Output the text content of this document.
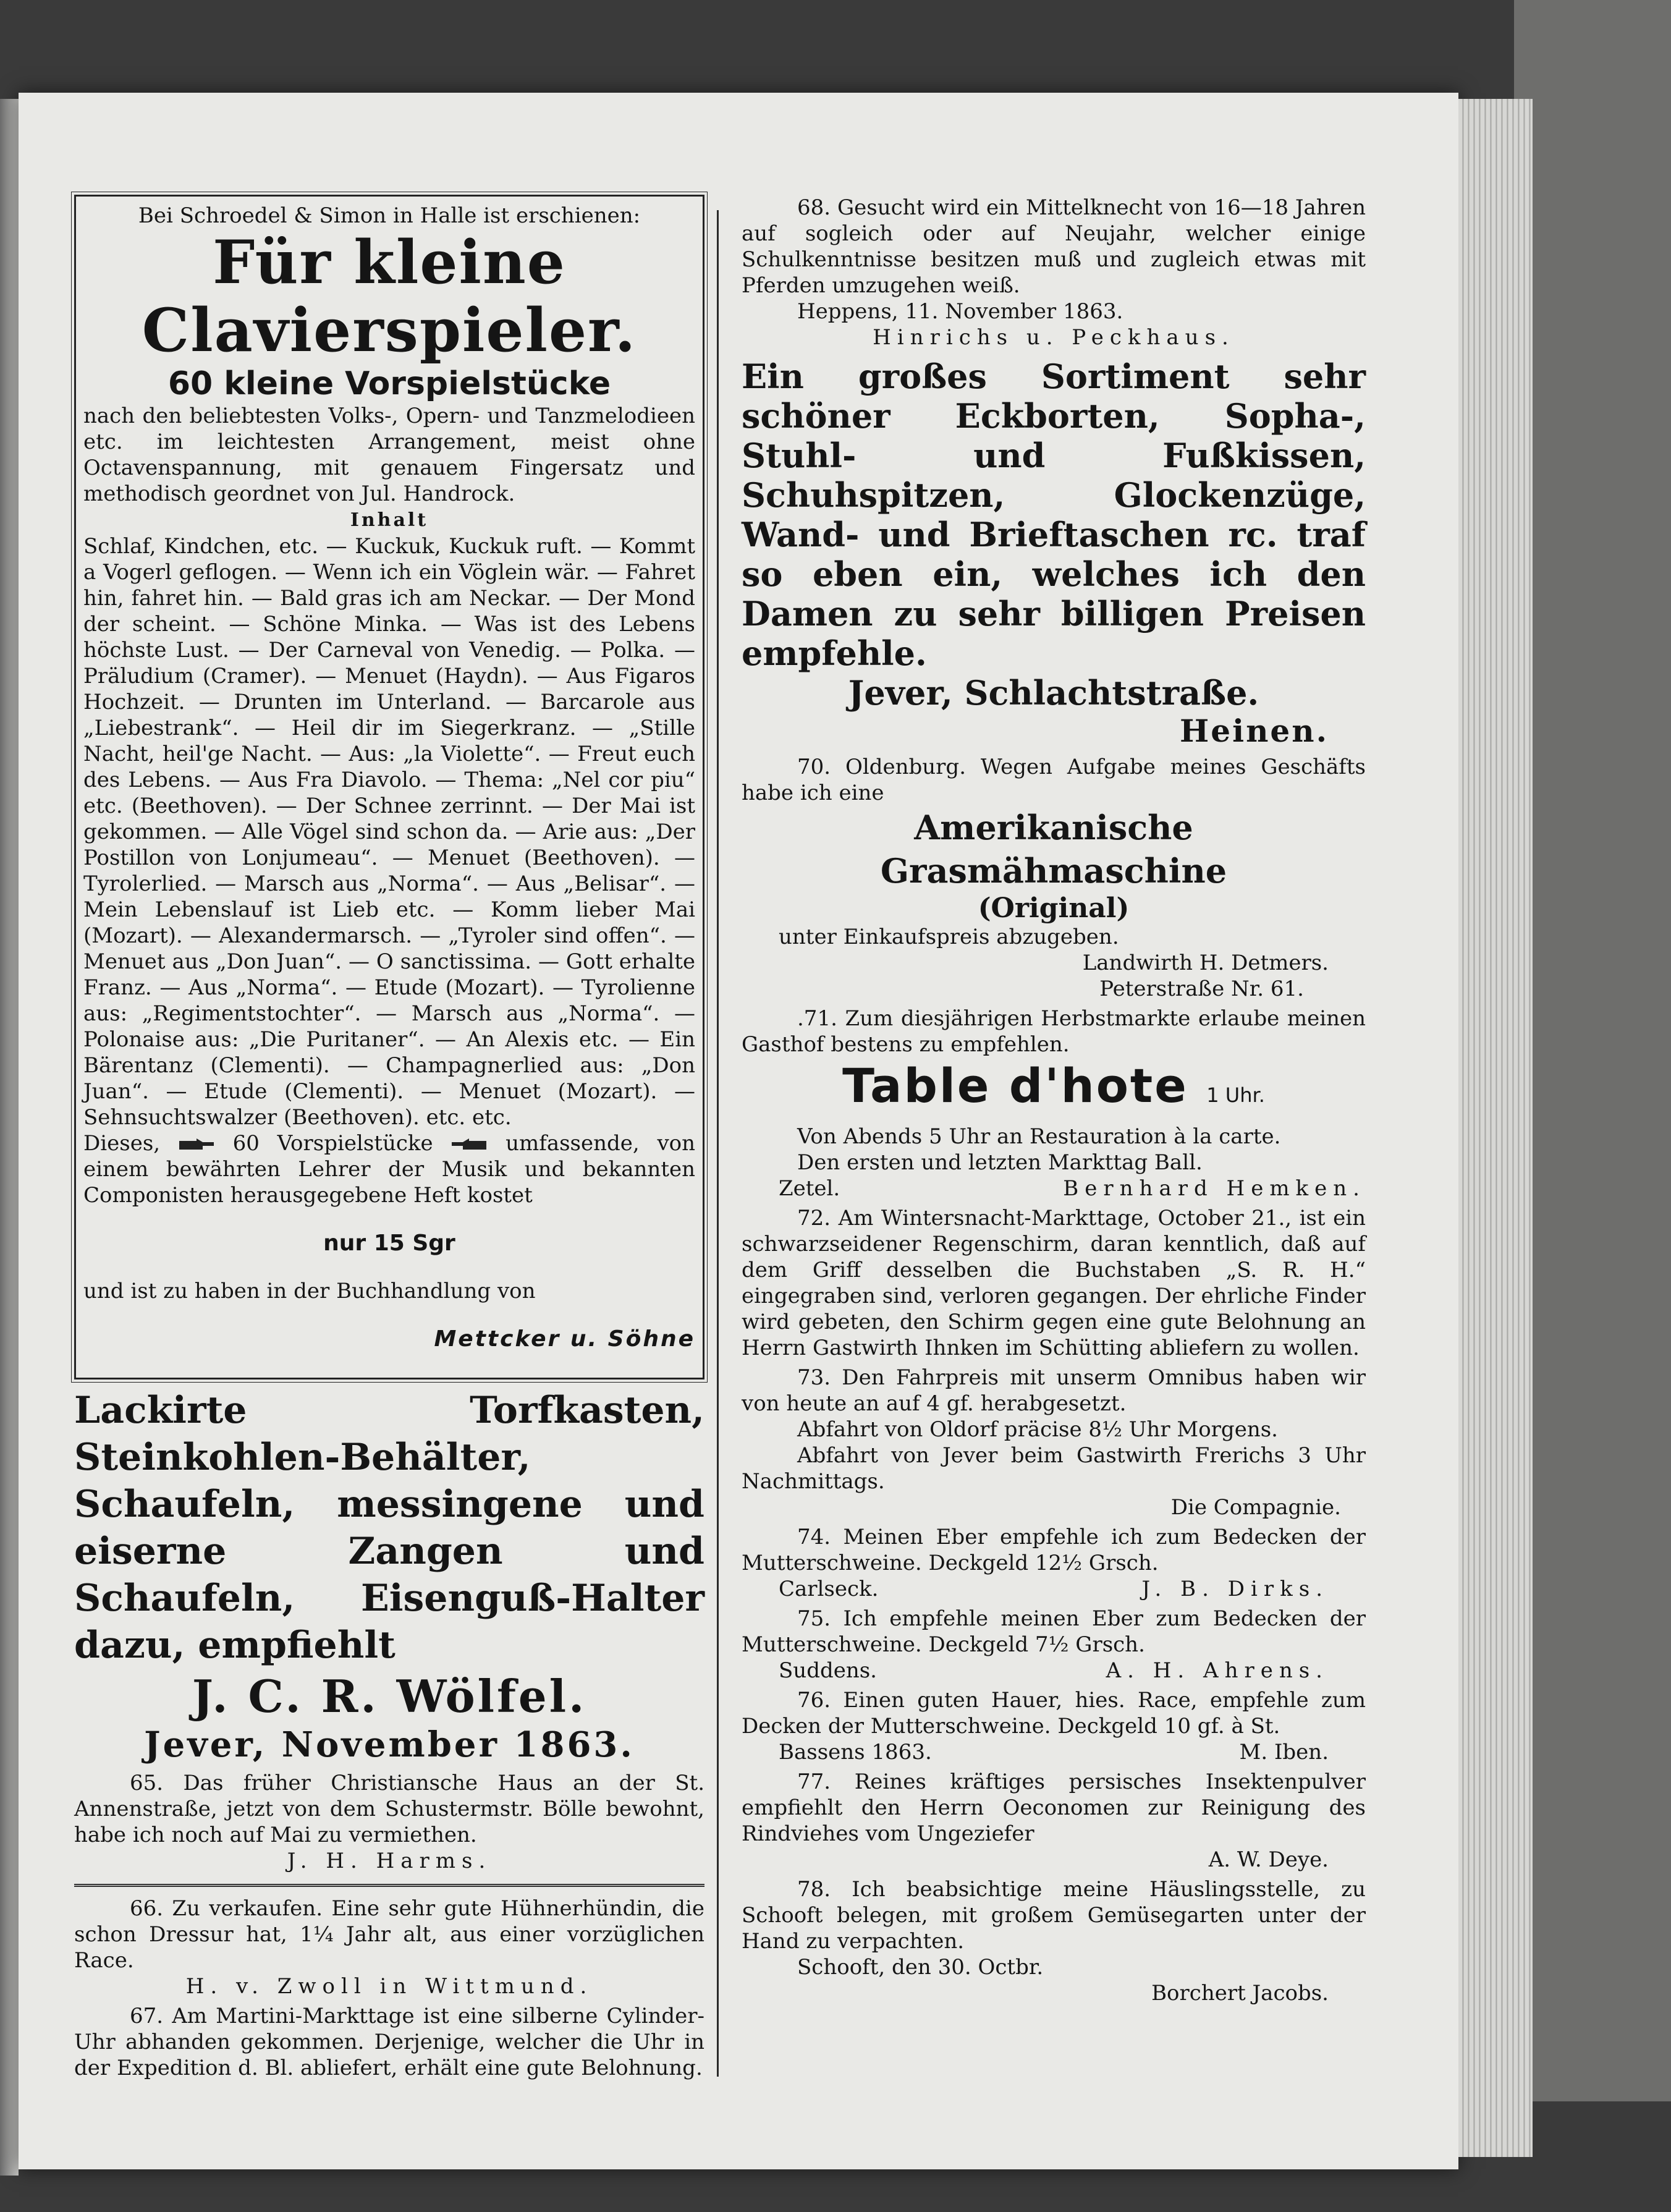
Bei Schroedel & Simon in Halle ist erschienen:

Für kleine Clavierspieler.

60 kleine Vorspielstücke

nach den beliebtesten Volks-, Opern- und Tanzmelodieen etc. im leichtesten Arrangement, meist ohne Octavenspannung, mit genauem Fingersatz und methodisch geordnet von Jul. Handrock.

Inhalt

Schlaf, Kindchen, etc. — Kuckuk, Kuckuk ruft. — Kommt a Vogerl geflogen. — Wenn ich ein Vöglein wär. — Fahret hin, fahret hin. — Bald gras ich am Neckar. — Der Mond der scheint. — Schöne Minka. — Was ist des Lebens höchste Lust. — Der Carneval von Venedig. — Polka. — Präludium (Cramer). — Menuet (Haydn). — Aus Figaros Hochzeit. — Drunten im Unterland. — Barcarole aus „Liebestrank“. — Heil dir im Siegerkranz. — „Stille Nacht, heil'ge Nacht. — Aus: „la Violette“. — Freut euch des Lebens. — Aus Fra Diavolo. — Thema: „Nel cor piu“ etc. (Beethoven). — Der Schnee zerrinnt. — Der Mai ist gekommen. — Alle Vögel sind schon da. — Arie aus: „Der Postillon von Lonjumeau“. — Menuet (Beethoven). — Tyrolerlied. — Marsch aus „Norma“. — Aus „Belisar“. — Mein Lebenslauf ist Lieb etc. — Komm lieber Mai (Mozart). — Alexandermarsch. — „Tyroler sind offen“. — Menuet aus „Don Juan“. — O sanctissima. — Gott erhalte Franz. — Aus „Norma“. — Etude (Mozart). — Tyrolienne aus: „Regimentstochter“. — Marsch aus „Norma“. — Polonaise aus: „Die Puritaner“. — An Alexis etc. — Ein Bärentanz (Clementi). — Champagnerlied aus: „Don Juan“. — Etude (Clementi). — Menuet (Mozart). — Sehnsuchtswalzer (Beethoven). etc. etc.

Dieses,	60 Vorspielstücke	umfassende, von einem bewährten Lehrer der Musik und bekannten Componisten herausgegebene Heft kostet

nur 15 Sgr

und ist zu haben in der Buchhandlung von

Mettcker u. Söhne

Lackirte Torfkasten, Steinkohlen-Behälter, Schaufeln, messingene und eiserne Zangen und Schaufeln, Eisenguß-Halter dazu, empfiehlt

J. C. R. Wölfel.

Jever, November 1863.

65. Das früher Christiansche Haus an der St. Annenstraße, jetzt von dem Schustermstr. Bölle bewohnt, habe ich noch auf Mai zu vermiethen.

J. H. Harms.

66. Zu verkaufen. Eine sehr gute Hühnerhündin, die schon Dressur hat, 1¼ Jahr alt, aus einer vorzüglichen Race.

H. v. Zwoll in Wittmund.

67. Am Martini-Markttage ist eine silberne Cylinder-Uhr abhanden gekommen. Derjenige, welcher die Uhr in der Expedition d. Bl. abliefert, erhält eine gute Belohnung.

68. Gesucht wird ein Mittelknecht von 16—18 Jahren auf sogleich oder auf Neujahr, welcher einige Schulkenntnisse besitzen muß und zugleich etwas mit Pferden umzugehen weiß.

Heppens, 11. November 1863.

Hinrichs u. Peckhaus.

Ein großes Sortiment sehr schöner Eckborten, Sopha-, Stuhl- und Fußkissen, Schuhspitzen, Glockenzüge, Wand- und Brieftaschen rc. traf so eben ein, welches ich den Damen zu sehr billigen Preisen empfehle.

Jever, Schlachtstraße.

Heinen.

70. Oldenburg. Wegen Aufgabe meines Geschäfts habe ich eine

Amerikanische Grasmähmaschine

(Original)

unter Einkaufspreis abzugeben.

Landwirth H. Detmers.

Peterstraße Nr. 61.

.71. Zum diesjährigen Herbstmarkte erlaube meinen Gasthof bestens zu empfehlen.

Table d'hote 1 Uhr.

Von Abends 5 Uhr an Restauration à la carte.

Den ersten und letzten Markttag Ball.

Zetel.	Bernhard Hemken.

72. Am Wintersnacht-Markttage, October 21., ist ein schwarzseidener Regenschirm, daran kenntlich, daß auf dem Griff desselben die Buchstaben „S. R. H.“ eingegraben sind, verloren gegangen. Der ehrliche Finder wird gebeten, den Schirm gegen eine gute Belohnung an Herrn Gastwirth Ihnken im Schütting abliefern zu wollen.

73. Den Fahrpreis mit unserm Omnibus haben wir von heute an auf 4 gf. herabgesetzt.

Abfahrt von Oldorf präcise 8½ Uhr Morgens.

Abfahrt von Jever beim Gastwirth Frerichs 3 Uhr Nachmittags.

Die Compagnie.

74. Meinen Eber empfehle ich zum Bedecken der Mutterschweine. Deckgeld 12½ Grsch.

Carlseck.	J. B. Dirks.

75. Ich empfehle meinen Eber zum Bedecken der Mutterschweine. Deckgeld 7½ Grsch.

Suddens.	A. H. Ahrens.

76. Einen guten Hauer, hies. Race, empfehle zum Decken der Mutterschweine. Deckgeld 10 gf. à St.

Bassens 1863.	M. Iben.

77. Reines kräftiges persisches Insektenpulver empfiehlt den Herrn Oeconomen zur Reinigung des Rindviehes vom Ungeziefer

A. W. Deye.

78. Ich beabsichtige meine Häuslingsstelle, zu Schooft belegen, mit großem Gemüsegarten unter der Hand zu verpachten.

Schooft, den 30. Octbr.

Borchert Jacobs.
